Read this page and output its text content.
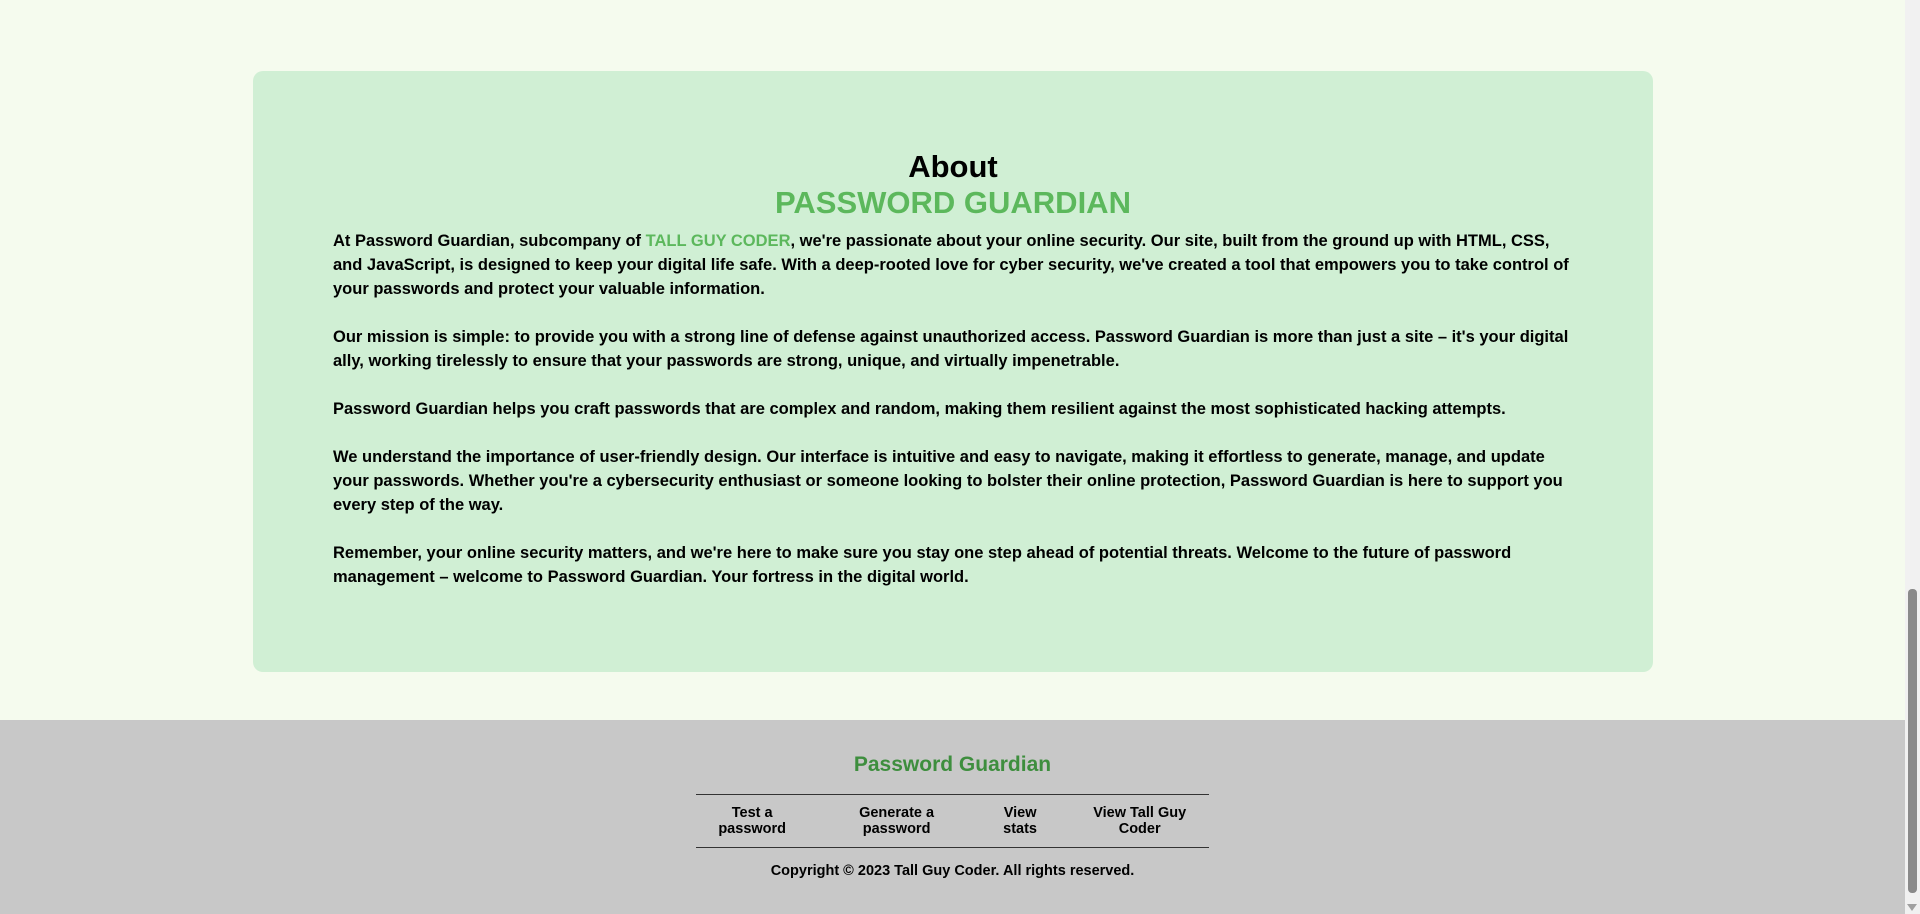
About
PASSWORD GUARDIAN

At Password Guardian, subcompany of TALL GUY CODER, we're passionate about your online security. Our site, built from the ground up with HTML, CSS, and JavaScript, is designed to keep your digital life safe. With a deep-rooted love for cyber security, we've created a tool that empowers you to take control of your passwords and protect your valuable information.

Our mission is simple: to provide you with a strong line of defense against unauthorized access. Password Guardian is more than just a site – it's your digital ally, working tirelessly to ensure that your passwords are strong, unique, and virtually impenetrable.

Password Guardian helps you craft passwords that are complex and random, making them resilient against the most sophisticated hacking attempts.

We understand the importance of user-friendly design. Our interface is intuitive and easy to navigate, making it effortless to generate, manage, and update your passwords. Whether you're a cybersecurity enthusiast or someone looking to bolster their online protection, Password Guardian is here to support you every step of the way.

Remember, your online security matters, and we're here to make sure you stay one step ahead of potential threats. Welcome to the future of password management – welcome to Password Guardian. Your fortress in the digital world.

Password Guardian
Test a password
Generate a password
View stats
View Tall Guy Coder
Copyright © 2023 Tall Guy Coder. All rights reserved.
